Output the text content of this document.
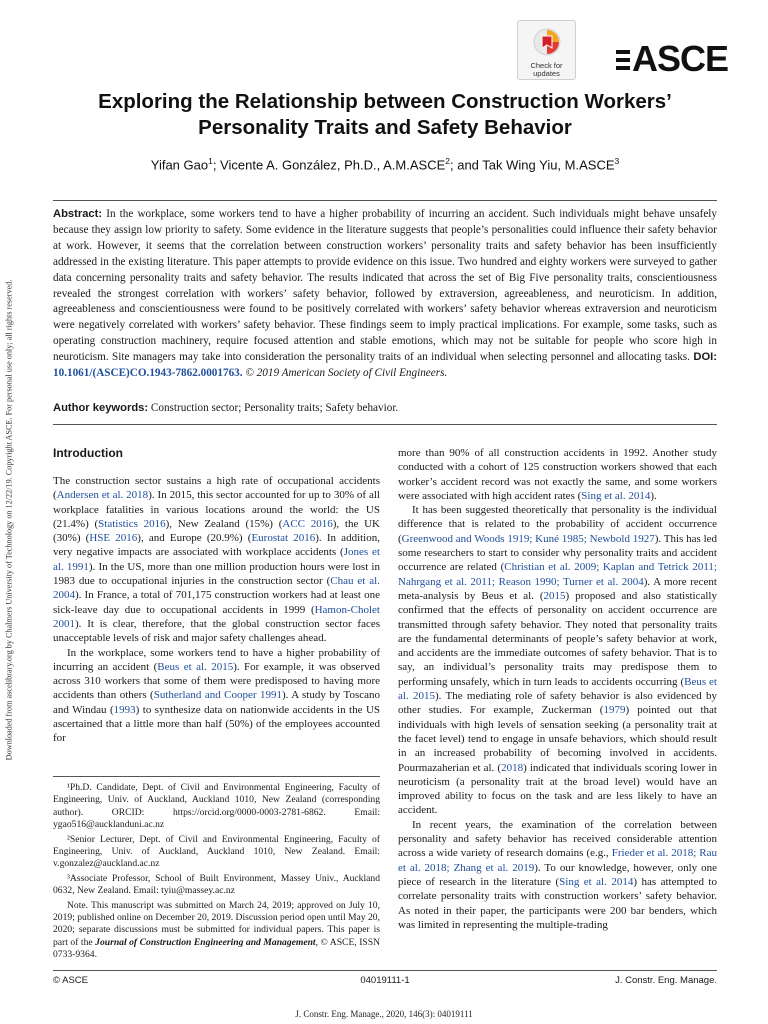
Downloaded from ascelibrary.org by Chalmers University of Technology on 12/22/19. Copyright ASCE. For personal use only; all rights reserved.
Check for
updates	ASCE
Exploring the Relationship between Construction Workers’
Personality Traits and Safety Behavior
Yifan Gao$^1$; Vicente A. González, Ph.D., A.M.ASCE$^2$; and Tak Wing Yiu, M.ASCE$^3$
Abstract: In the workplace, some workers tend to have a higher probability of incurring an accident. Such individuals might behave unsafely because they assign low priority to safety. Some evidence in the literature suggests that people’s personalities could influence their safety behavior at work. However, it seems that the correlation between construction workers’ personality traits and safety behavior has been insufficiently addressed in the existing literature. This paper attempts to provide evidence on this issue. Two hundred and eighty workers were surveyed to gather data concerning personality traits and safety behavior. The results indicated that across the set of Big Five personality traits, conscientiousness revealed the strongest correlation with workers’ safety behavior, followed by extraversion, agreeableness, and neuroticism. In addition, agreeableness and conscientiousness were found to be positively correlated with workers’ safety behavior whereas extraversion and neuroticism were negatively correlated with workers’ safety behavior. These findings seem to imply practical implications. For example, some tasks, such as operating construction machinery, require focused attention and stable emotions, which may not be suitable for people who score high in neuroticism. Site managers may take into consideration the personality traits of an individual when selecting personnel and allocating tasks. DOI: 10.1061/(ASCE)CO.1943-7862.0001763. © 2019 American Society of Civil Engineers.
Author keywords: Construction sector; Personality traits; Safety behavior.
Introduction

The construction sector sustains a high rate of occupational accidents (Andersen et al. 2018). In 2015, this sector accounted for up to 30% of all workplace fatalities in various locations around the world: the US (21.4%) (Statistics 2016), New Zealand (15%) (ACC 2016), the UK (30%) (HSE 2016), and Europe (20.9%) (Eurostat 2016). In addition, very negative impacts are associated with workplace accidents (Jones et al. 1991). In the US, more than one million production hours were lost in 1983 due to occupational injuries in the construction sector (Chau et al. 2004). In France, a total of 701,175 construction workers had at least one sick-leave day due to occupational accidents in 1999 (Hamon-Cholet 2001). It is clear, therefore, that the global construction sector faces unacceptable levels of risk and major safety challenges ahead.

In the workplace, some workers tend to have a higher probability of incurring an accident (Beus et al. 2015). For example, it was observed across 310 workers that some of them were predisposed to having more accidents than others (Sutherland and Cooper 1991). A study by Toscano and Windau (1993) to synthesize data on nationwide accidents in the US ascertained that a little more than half (50%) of the employees accounted for

¹Ph.D. Candidate, Dept. of Civil and Environmental Engineering, Faculty of Engineering, Univ. of Auckland, Auckland 1010, New Zealand (corresponding author). ORCID: https://orcid.org/0000-0003-2781-6862. Email: ygao516@aucklanduni.ac.nz

²Senior Lecturer, Dept. of Civil and Environmental Engineering, Faculty of Engineering, Univ. of Auckland, Auckland 1010, New Zealand. Email: v.gonzalez@auckland.ac.nz

³Associate Professor, School of Built Environment, Massey Univ., Auckland 0632, New Zealand. Email: tyiu@massey.ac.nz

Note. This manuscript was submitted on March 24, 2019; approved on July 10, 2019; published online on December 20, 2019. Discussion period open until May 20, 2020; separate discussions must be submitted for individual papers. This paper is part of the Journal of Construction Engineering and Management, © ASCE, ISSN 0733-9364.

more than 90% of all construction accidents in 1992. Another study conducted with a cohort of 125 construction workers showed that each worker’s accident record was not exactly the same, and some workers were associated with high accident rates (Sing et al. 2014).

It has been suggested theoretically that personality is the individual difference that is related to the probability of accident occurrence (Greenwood and Woods 1919; Kuné 1985; Newbold 1927). This has led some researchers to start to consider why personality traits and accident occurrence are related (Christian et al. 2009; Kaplan and Tetrick 2011; Nahrgang et al. 2011; Reason 1990; Turner et al. 2004). A more recent meta-analysis by Beus et al. (2015) proposed and also statistically confirmed that the effects of personality on accident occurrence are transmitted through safety behavior. They noted that personality traits are the fundamental determinants of people’s safety behavior at work, and accidents are the immediate outcomes of safety behavior. That is to say, an individual’s personality traits may predispose them to performing unsafely, which in turn leads to accidents occurring (Beus et al. 2015). The mediating role of safety behavior is also evidenced by other studies. For example, Zuckerman (1979) pointed out that individuals with high levels of sensation seeking (a personality trait at the facet level) tend to engage in unsafe behaviors, which should result in an increased probability of becoming involved in accidents. Pourmazaherian et al. (2018) indicated that individuals scoring lower in neuroticism (a personality trait at the broad level) would have an improved ability to focus on the task and are less likely to have an accident.

In recent years, the examination of the correlation between personality and safety behavior has received considerable attention across a wide variety of research domains (e.g., Frieder et al. 2018; Rau et al. 2018; Zhang et al. 2019). To our knowledge, however, only one piece of research in the literature (Sing et al. 2014) has attempted to correlate personality traits with construction workers’ safety behavior. As noted in their paper, the participants were 200 bar benders, which was limited in representing the multiple-trading

© ASCE	04019111-1	J. Constr. Eng. Manage.
J. Constr. Eng. Manage., 2020, 146(3): 04019111
